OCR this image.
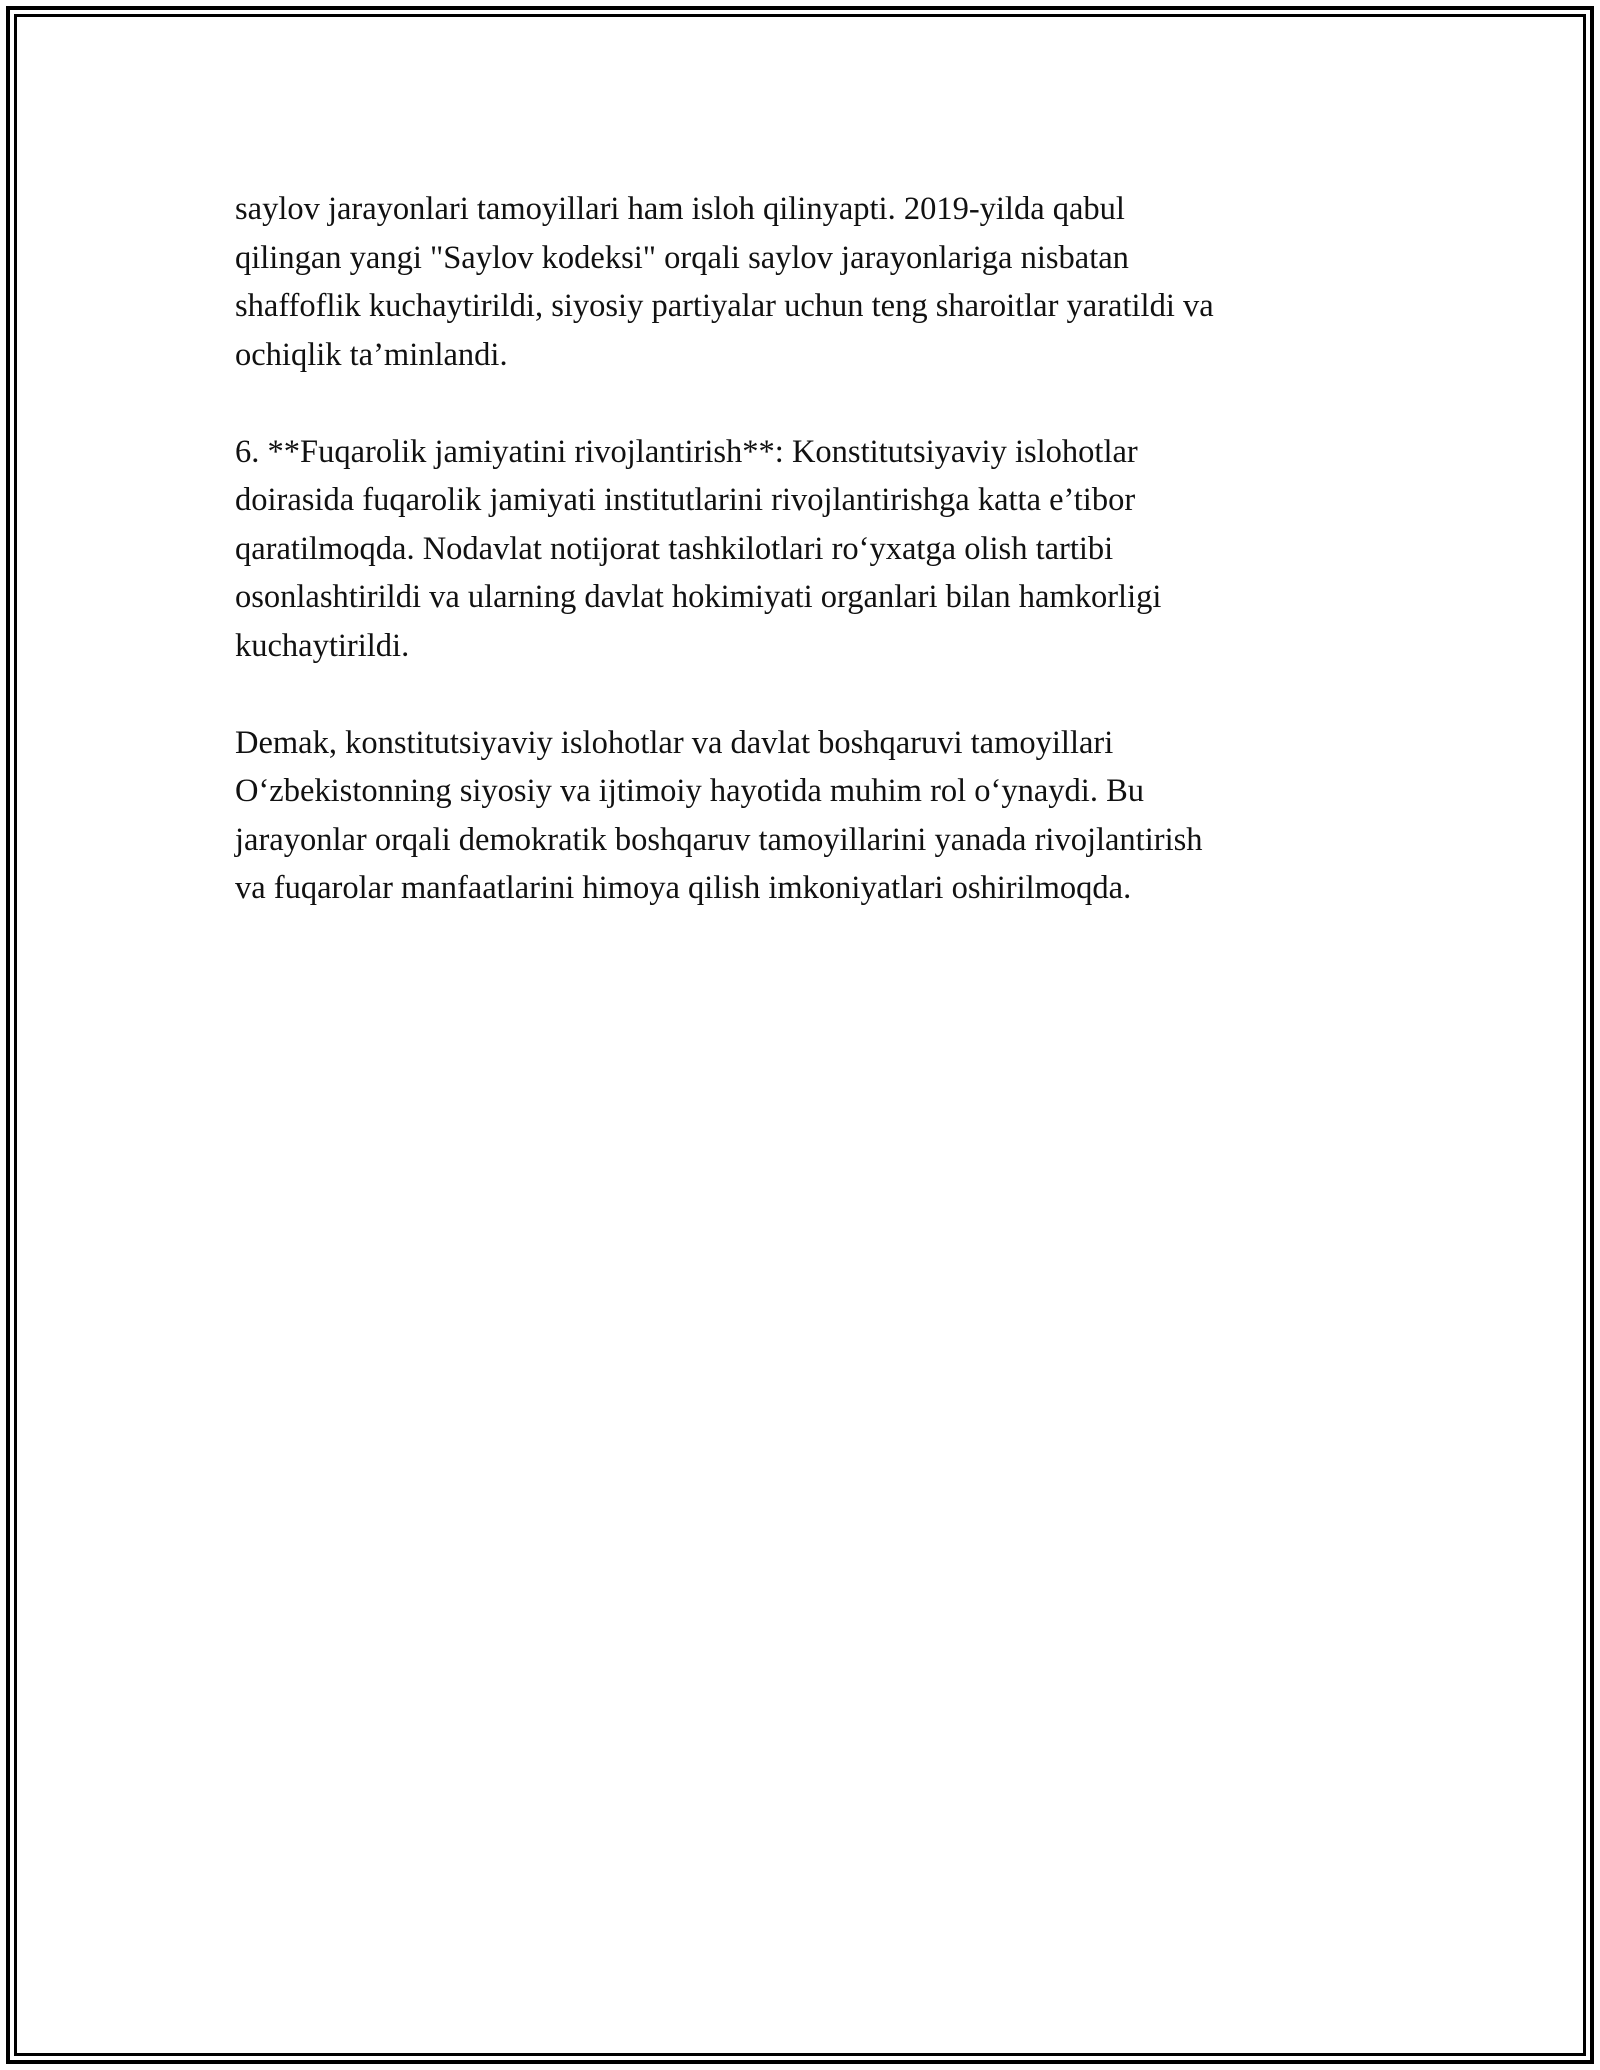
saylov jarayonlari tamoyillari ham isloh qilinyapti. 2019-yilda qabul
qilingan yangi "Saylov kodeksi" orqali saylov jarayonlariga nisbatan
shaffoflik kuchaytirildi, siyosiy partiyalar uchun teng sharoitlar yaratildi va
ochiqlik ta’minlandi.

6. **Fuqarolik jamiyatini rivojlantirish**: Konstitutsiyaviy islohotlar
doirasida fuqarolik jamiyati institutlarini rivojlantirishga katta e’tibor
qaratilmoqda. Nodavlat notijorat tashkilotlari ro‘yxatga olish tartibi
osonlashtirildi va ularning davlat hokimiyati organlari bilan hamkorligi
kuchaytirildi.

Demak, konstitutsiyaviy islohotlar va davlat boshqaruvi tamoyillari
O‘zbekistonning siyosiy va ijtimoiy hayotida muhim rol o‘ynaydi. Bu
jarayonlar orqali demokratik boshqaruv tamoyillarini yanada rivojlantirish
va fuqarolar manfaatlarini himoya qilish imkoniyatlari oshirilmoqda.
